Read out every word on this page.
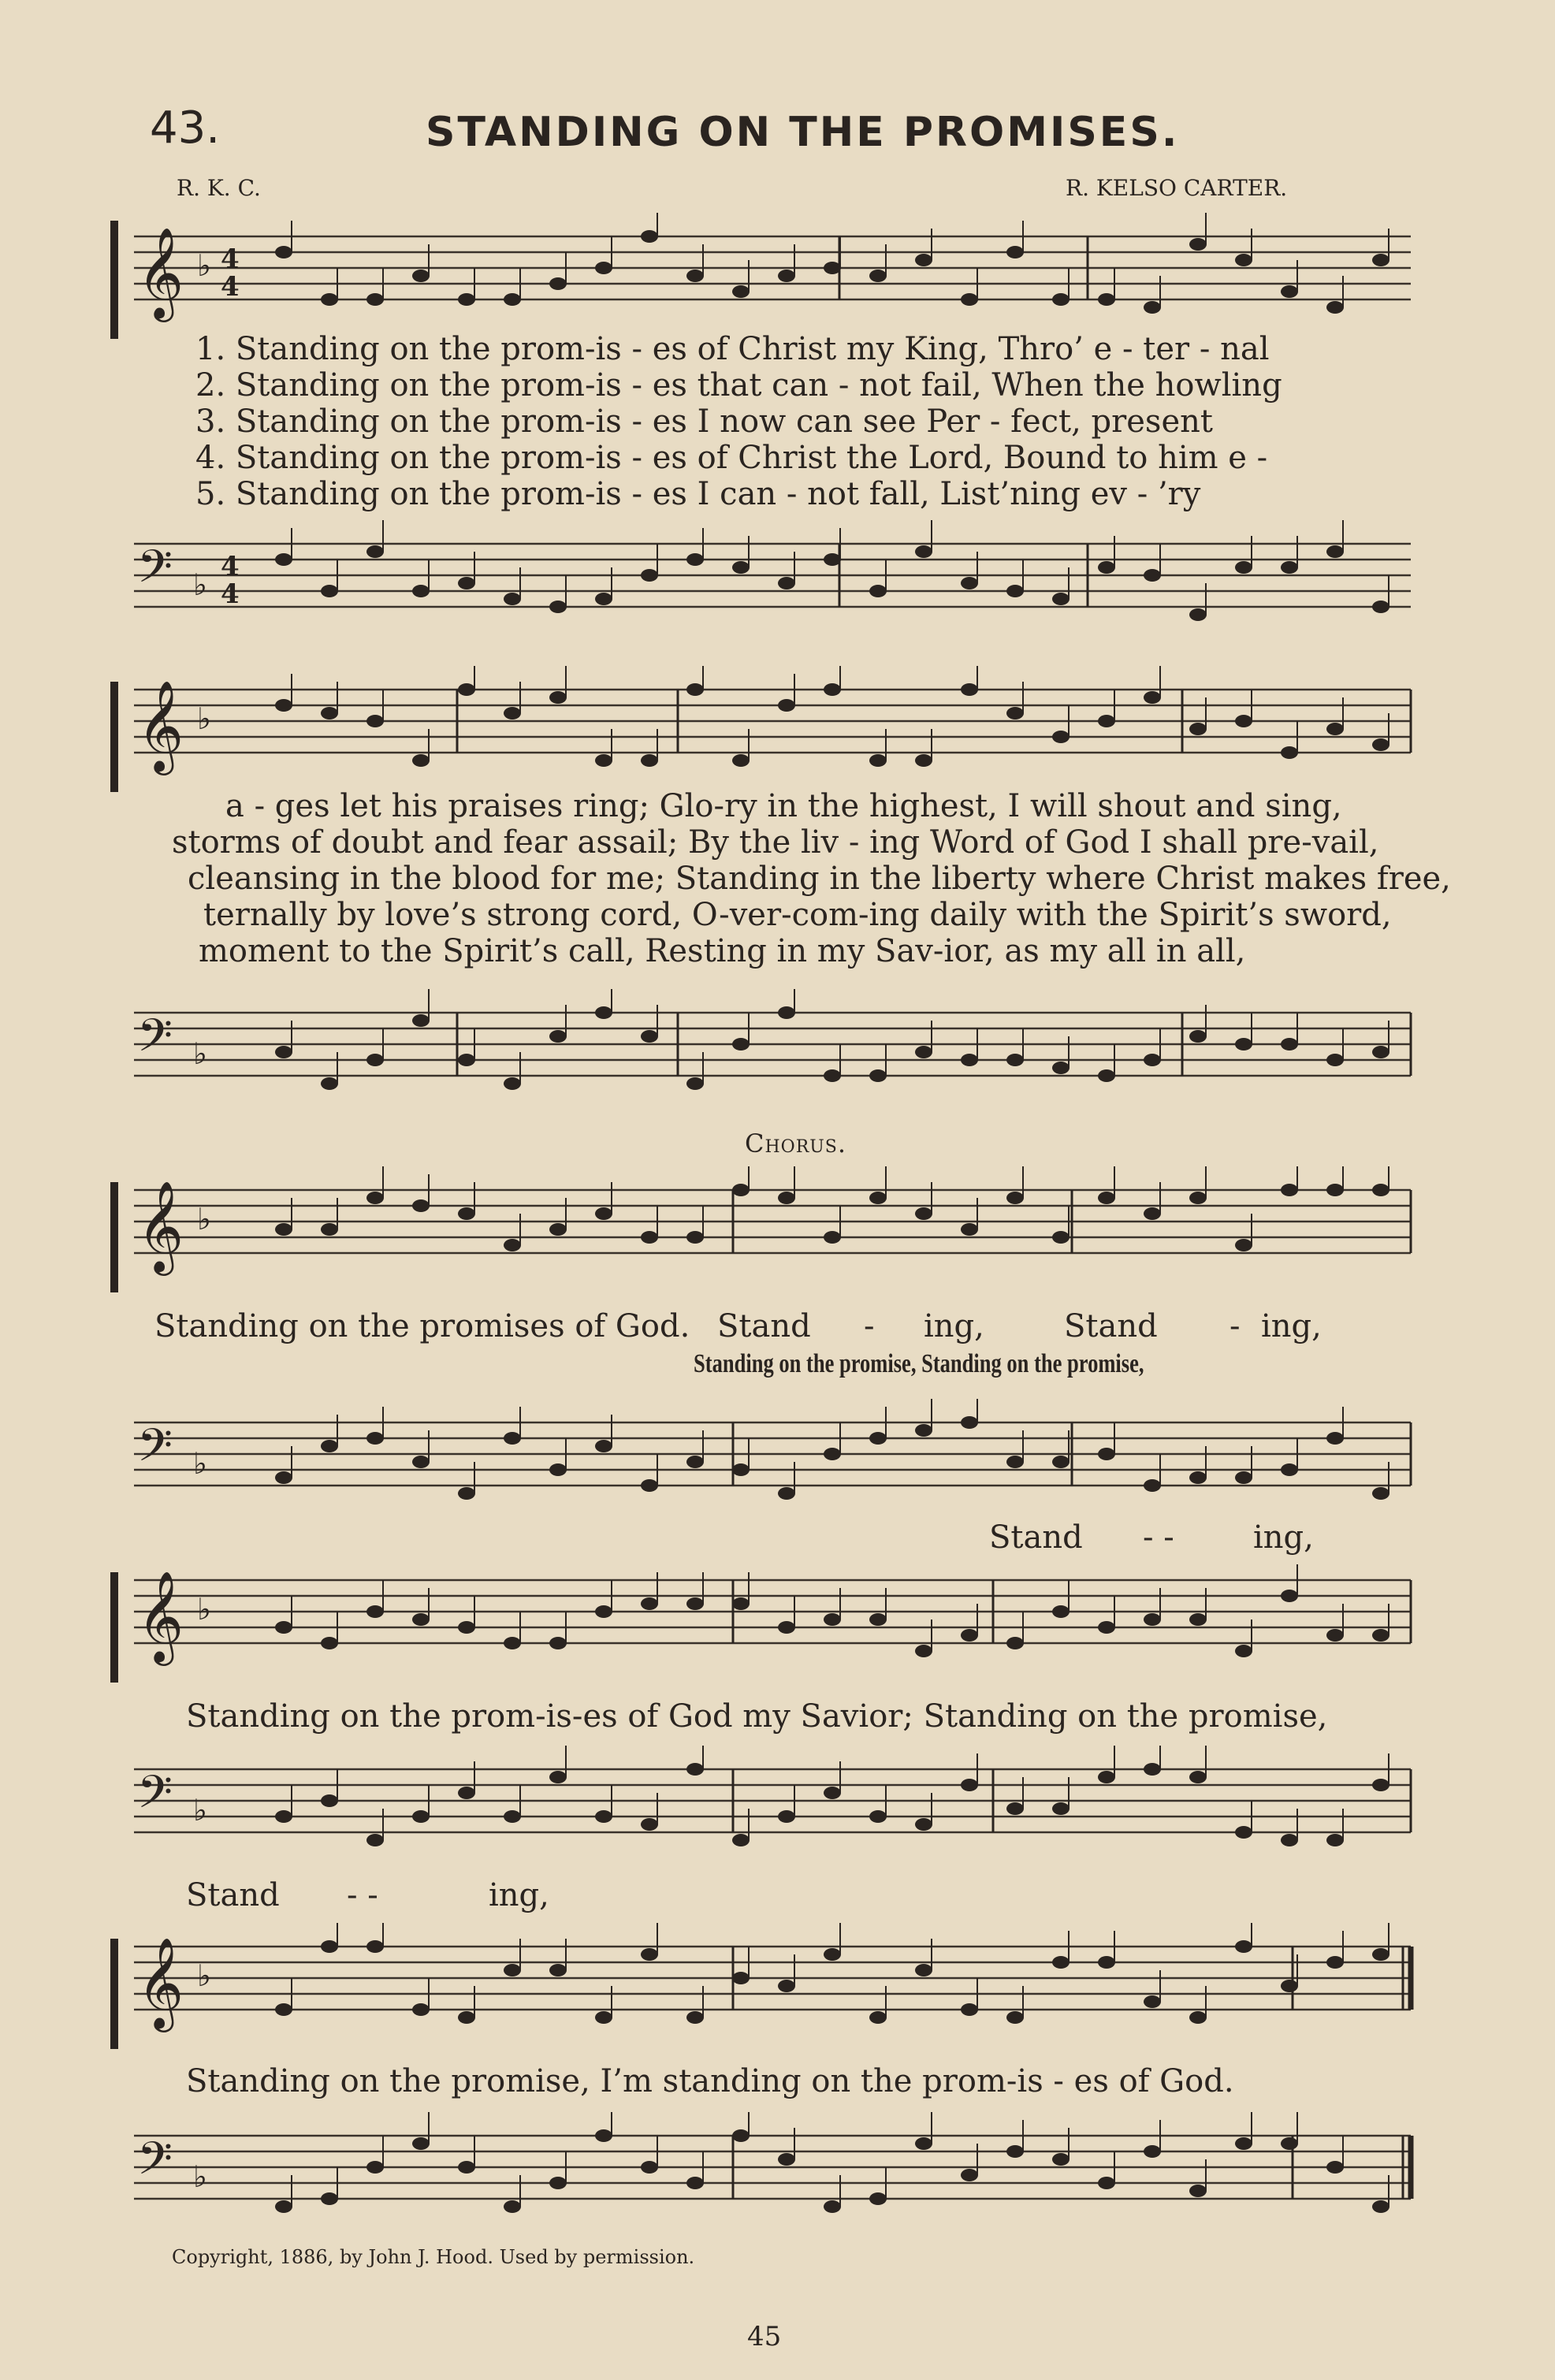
43.	STANDING ON THE PROMISES.
R. K. C.	R. KELSO CARTER.
𝄞 ♭ 4
4
1. Standing on the prom-is - es of Christ my King, Thro’ e - ter - nal
2. Standing on the prom-is - es that can - not fail, When the howling
3. Standing on the prom-is - es I now can see Per - fect, present
4. Standing on the prom-is - es of Christ the Lord, Bound to him e -
5. Standing on the prom-is - es I can - not fall, List’ning ev - ’ry
𝄢 ♭
4
4
𝄞 ♭
a - ges let his praises ring; Glo-ry in the highest, I will shout and sing,
storms of doubt and fear assail; By the liv - ing Word of God I shall pre-vail,
cleansing in the blood for me; Standing in the liberty where Christ makes free,
ternally by love’s strong cord, O-ver-com-ing daily with the Spirit’s sword,
moment to the Spirit’s call, Resting in my Sav-ior, as my all in all,
𝄢 ♭
Chorus.
𝄞 ♭
Standing on the promises of God. Stand - ing,	Stand - ing,
Standing on the promise, Standing on the promise,
𝄢 ♭
Stand - -	ing,
𝄞 ♭
Standing on the prom-is-es of God my Savior; Standing on the promise,
𝄢 ♭
Stand - -	ing,
𝄞 ♭
Standing on the promise, I’m standing on the prom-is - es of God.
𝄢 ♭
Copyright, 1886, by John J. Hood. Used by permission.
45
